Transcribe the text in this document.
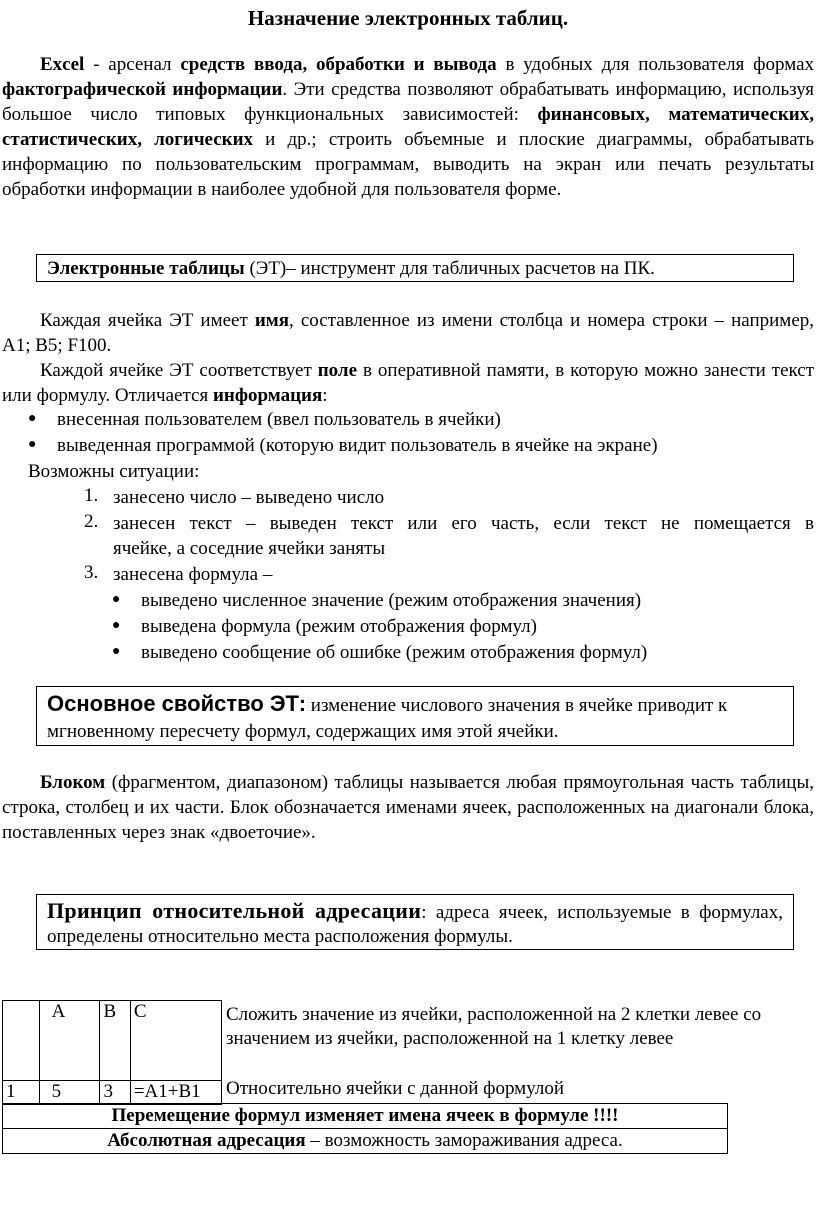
Назначение электронных таблиц.
Excel - арсенал средств ввода, обработки и вывода в удобных для пользователя формах фактографической информации. Эти средства позволяют обрабатывать информацию, используя большое число типовых функциональных зависимостей: финансовых, математических, статистических, логических и др.; строить объемные и плоские диаграммы, обрабатывать информацию по пользовательским программам, выводить на экран или печать результаты обработки информации в наиболее удобной для пользователя форме.
Электронные таблицы (ЭТ)– инструмент для табличных расчетов на ПК.
Каждая ячейка ЭТ имеет имя, составленное из имени столбца и номера строки – например, А1; В5; F100.
Каждой ячейке ЭТ соответствует поле в оперативной памяти, в которую можно занести текст или формулу. Отличается информация:
● внесенная пользователем (ввел пользователь в ячейки)
● выведенная программой (которую видит пользователь в ячейке на экране)
Возможны ситуации:
1. занесено число – выведено число
2. занесен текст – выведен текст или его часть, если текст не помещается в
ячейке, а соседние ячейки заняты
3. занесена формула –
● выведено численное значение (режим отображения значения)
● выведена формула (режим отображения формул)
● выведено сообщение об ошибке (режим отображения формул)
Основное свойство ЭТ: изменение числового значения в ячейке приводит к мгновенному пересчету формул, содержащих имя этой ячейки.
Блоком (фрагментом, диапазоном) таблицы называется любая прямоугольная часть таблицы, строка, столбец и их части. Блок обозначается именами ячеек, расположенных на диагонали блока, поставленных через знак «двоеточие».
Принцип относительной адресации: адреса ячеек, используемые в формулах, определены относительно места расположения формулы.
	A	B	C
1	5	3	=A1+B1
Сложить значение из ячейки, расположенной на 2 клетки левее со значением из ячейки, расположенной на 1 клетку левее
Относительно ячейки с данной формулой
Перемещение формул изменяет имена ячеек в формуле !!!!
Абсолютная адресация – возможность замораживания адреса.
